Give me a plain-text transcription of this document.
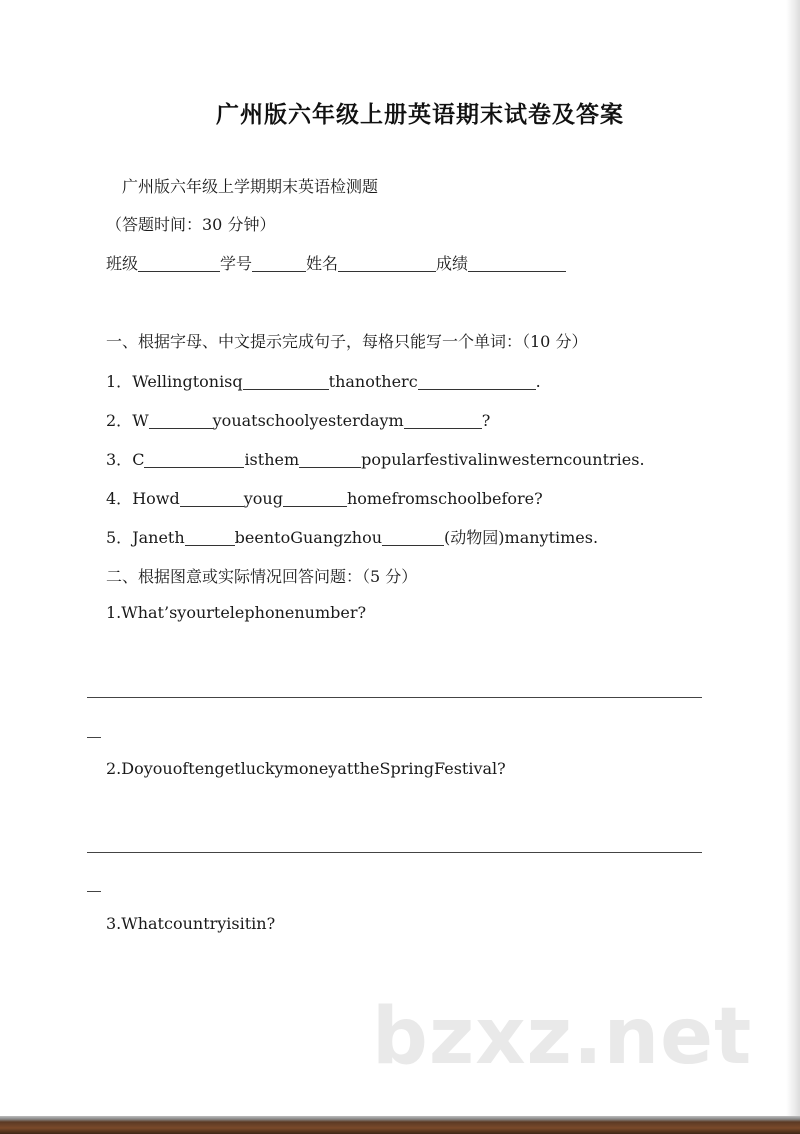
广州版六年级上册英语期末试卷及答案
广州版六年级上学期期末英语检测题
（答题时间：30 分钟）
班级	学号	姓名	成绩
一、根据字母、中文提示完成句子，每格只能写一个单词：（10 分）
1．Wellingtonisq	thanotherc	.
2．W	youatschoolyesterdaym	?
3．C	isthem	popularfestivalinwesterncountries.
4．Howd	youg	homefromschoolbefore?
5．Janeth	beentoGuangzhou	(动物园)manytimes.
二、根据图意或实际情况回答问题：（5 分）
1.What’syourtelephonenumber?
2.DoyouoftengetluckymoneyattheSpringFestival?
3.Whatcountryisitin?
bzxz.net
